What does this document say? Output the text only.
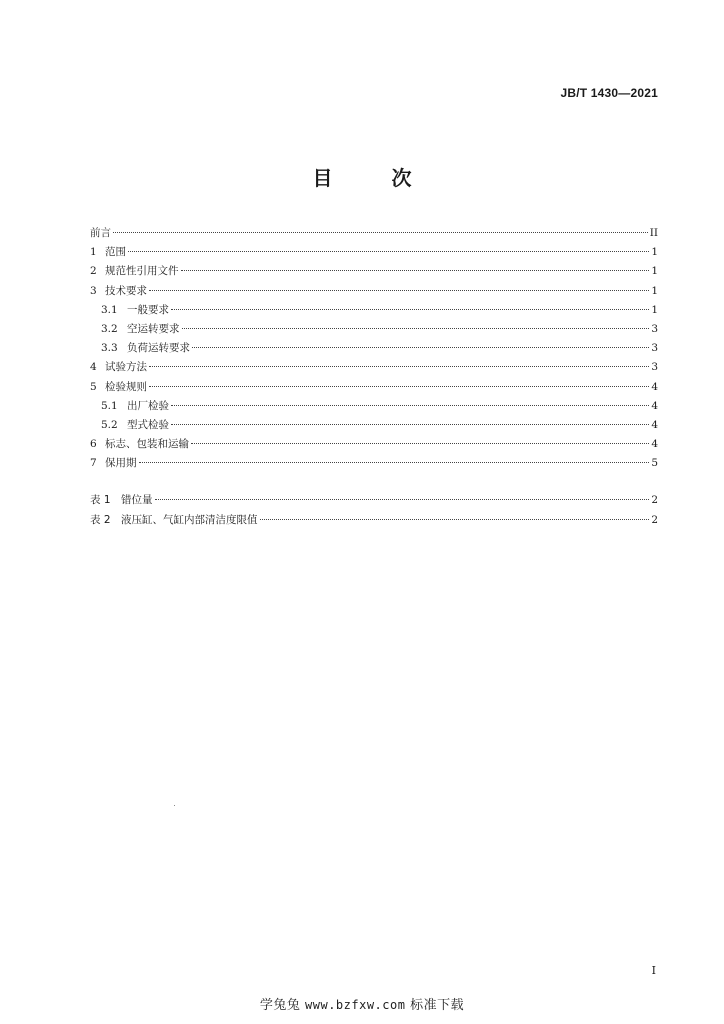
JB/T 1430—2021
目 次
前言	II
1 范围	1
2 规范性引用文件	1
3 技术要求	1
3.1 一般要求	1
3.2 空运转要求	3
3.3 负荷运转要求	3
4 试验方法	3
5 检验规则	4
5.1 出厂检验	4
5.2 型式检验	4
6 标志、包装和运输	4
7 保用期	5
表 1 错位量	2
表 2 液压缸、气缸内部清洁度限值	2
I
学兔兔 www.bzfxw.com 标准下载
